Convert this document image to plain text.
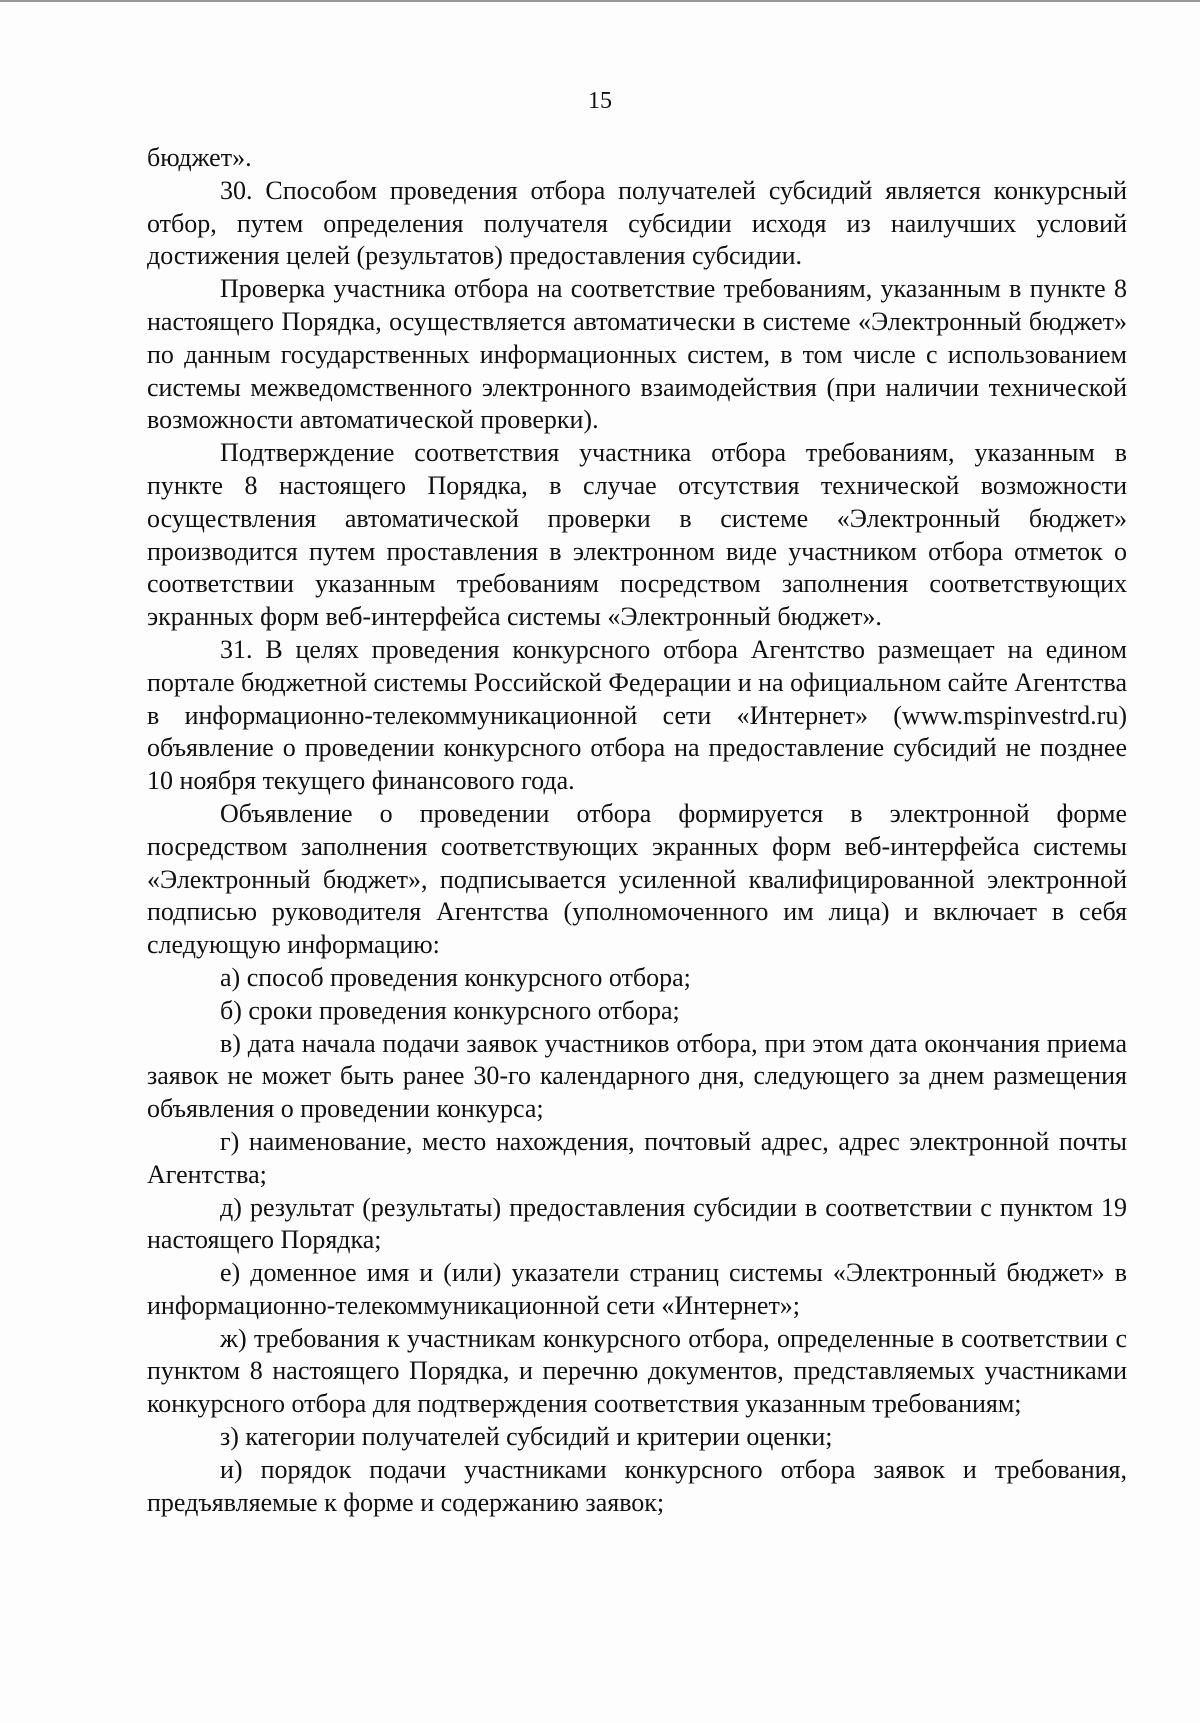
15

бюджет».

30. Способом проведения отбора получателей субсидий является конкурсный отбор, путем определения получателя субсидии исходя из наилучших условий достижения целей (результатов) предоставления субсидии.

Проверка участника отбора на соответствие требованиям, указанным в пункте 8 настоящего Порядка, осуществляется автоматически в системе «Электронный бюджет» по данным государственных информационных систем, в том числе с использованием системы межведомственного электронного взаимодействия (при наличии технической возможности автоматической проверки).

Подтверждение соответствия участника отбора требованиям, указанным в пункте 8 настоящего Порядка, в случае отсутствия технической возможности осуществления автоматической проверки в системе «Электронный бюджет» производится путем проставления в электронном виде участником отбора отметок о соответствии указанным требованиям посредством заполнения соответствующих экранных форм веб-интерфейса системы «Электронный бюджет».

31. В целях проведения конкурсного отбора Агентство размещает на едином портале бюджетной системы Российской Федерации и на официальном сайте Агентства в информационно-телекоммуникационной сети «Интернет» (www.mspinvestrd.ru) объявление о проведении конкурсного отбора на предоставление субсидий не позднее 10 ноября текущего финансового года.

Объявление о проведении отбора формируется в электронной форме посредством заполнения соответствующих экранных форм веб-интерфейса системы «Электронный бюджет», подписывается усиленной квалифицированной электронной подписью руководителя Агентства (уполномоченного им лица) и включает в себя следующую информацию:

а) способ проведения конкурсного отбора;

б) сроки проведения конкурсного отбора;

в) дата начала подачи заявок участников отбора, при этом дата окончания приема заявок не может быть ранее 30-го календарного дня, следующего за днем размещения объявления о проведении конкурса;

г) наименование, место нахождения, почтовый адрес, адрес электронной почты Агентства;

д) результат (результаты) предоставления субсидии в соответствии с пунктом 19 настоящего Порядка;

е) доменное имя и (или) указатели страниц системы «Электронный бюджет» в информационно-телекоммуникационной сети «Интернет»;

ж) требования к участникам конкурсного отбора, определенные в соответствии с пунктом 8 настоящего Порядка, и перечню документов, представляемых участниками конкурсного отбора для подтверждения соответствия указанным требованиям;

з) категории получателей субсидий и критерии оценки;

и) порядок подачи участниками конкурсного отбора заявок и требования, предъявляемые к форме и содержанию заявок;
